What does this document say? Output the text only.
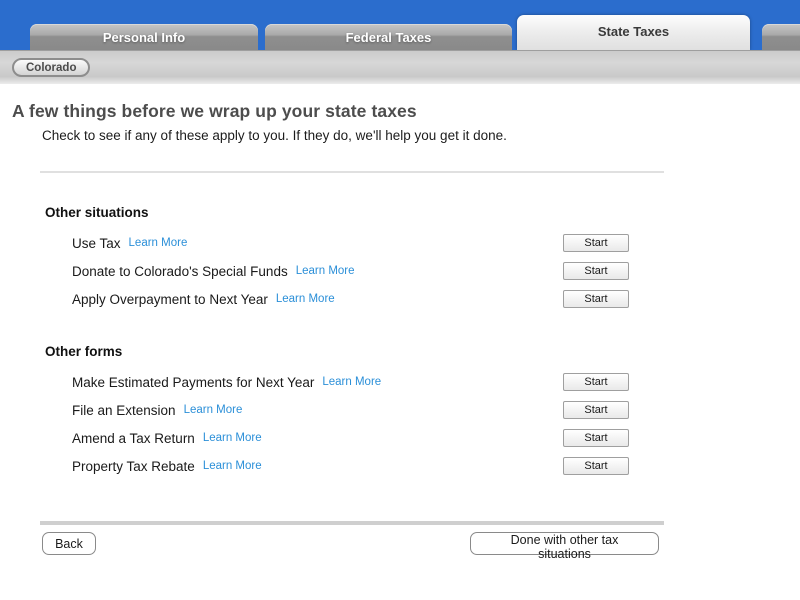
Personal Info	Federal Taxes	State Taxes
Colorado
A few things before we wrap up your state taxes
Check to see if any of these apply to you. If they do, we'll help you get it done.
Other situations
Use Tax Learn More	Start
Donate to Colorado's Special Funds Learn More	Start
Apply Overpayment to Next Year Learn More	Start
Other forms
Make Estimated Payments for Next Year Learn More	Start
File an Extension Learn More	Start
Amend a Tax Return Learn More	Start
Property Tax Rebate Learn More	Start
Back	Done with other tax situations
